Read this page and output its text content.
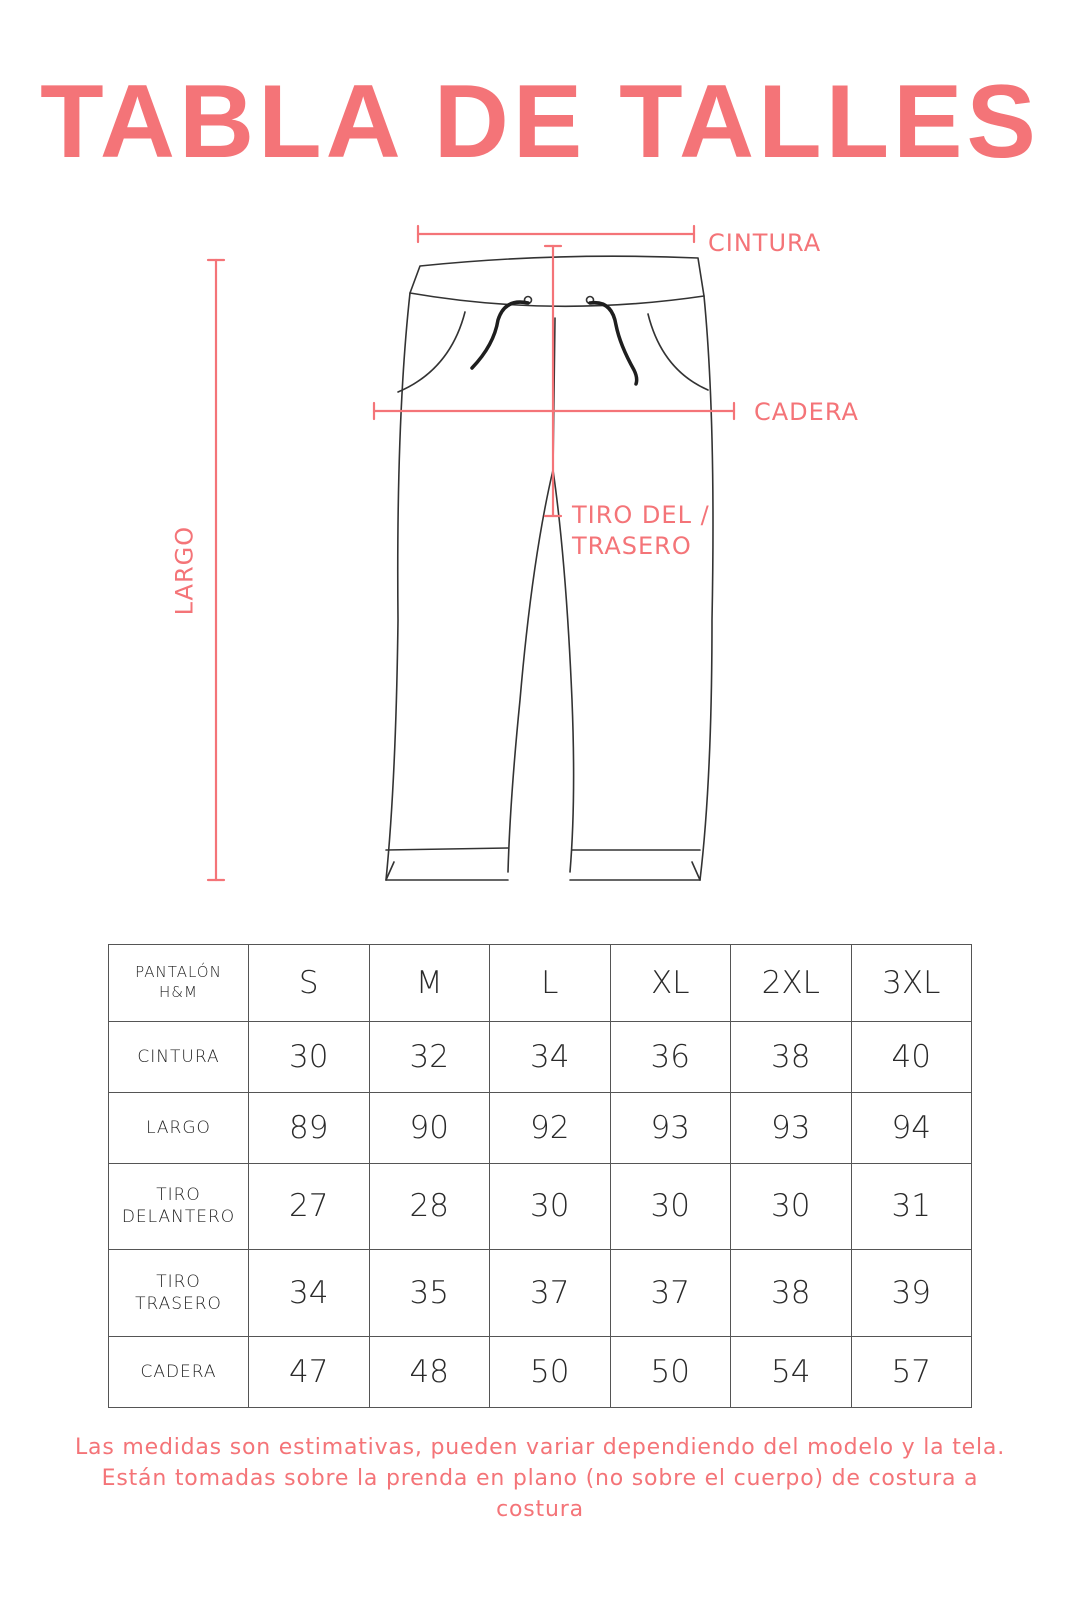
TABLA DE TALLES
CINTURA
CADERA
TIRO DEL /
TRASERO
LARGO
PANTALÓN
H&M	S	M	L	XL	2XL	3XL
CINTURA	30	32	34	36	38	40
LARGO	89	90	92	93	93	94
TIRO
DELANTERO	27	28	30	30	30	31
TIRO
TRASERO	34	35	37	37	38	39
CADERA	47	48	50	50	54	57

Las medidas son estimativas, pueden variar dependiendo del modelo y la tela. Están tomadas sobre la prenda en plano (no sobre el cuerpo) de costura a costura
